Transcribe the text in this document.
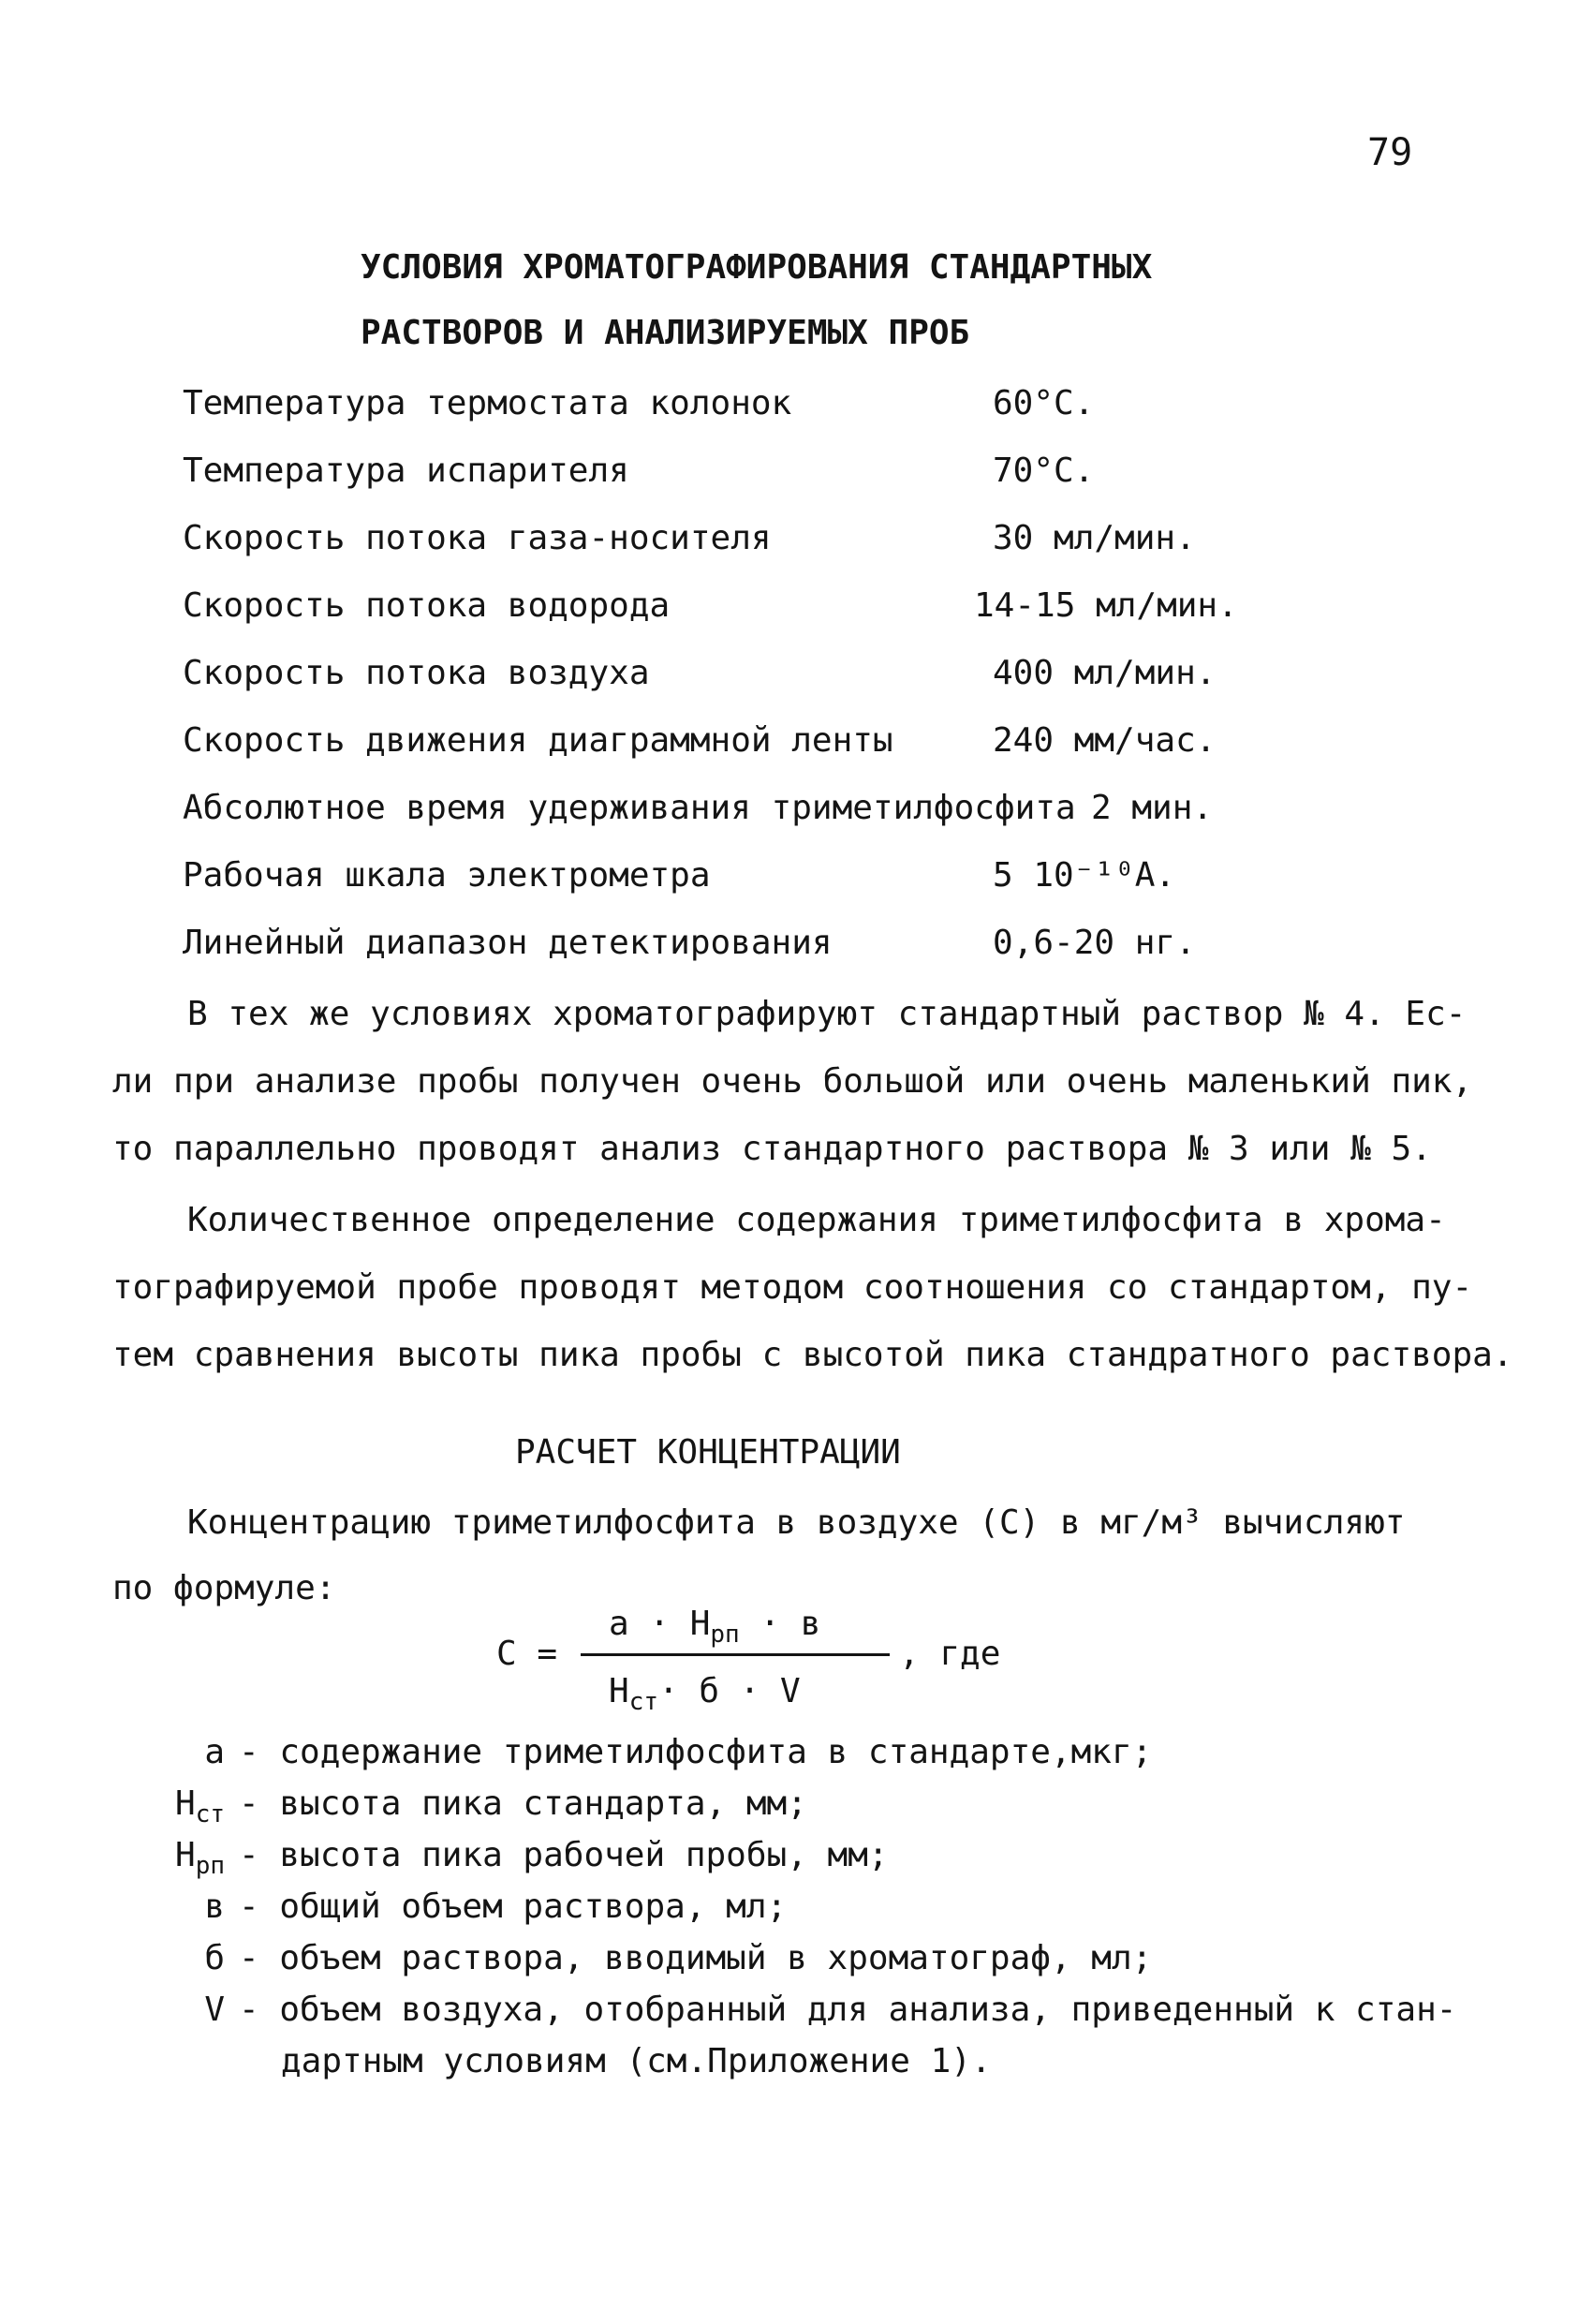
79
УСЛОВИЯ ХРОМАТОГРАФИРОВАНИЯ СТАНДАРТНЫХ
РАСТВОРОВ И АНАЛИЗИРУЕМЫХ ПРОБ
Температура термостата колонок	60°С.
Температура испарителя	70°С.
Скорость потока газа-носителя	30 мл/мин.
Скорость потока водорода	14-15 мл/мин.
Скорость потока воздуха	400 мл/мин.
Скорость движения диаграммной ленты	240 мм/час.
Абсолютное время удерживания триметилфосфита 2 мин.
Рабочая шкала электрометра	5 10⁻¹⁰А.
Линейный диапазон детектирования	0,6-20 нг.
В тех же условиях хроматографируют стандартный раствор № 4. Ес-
ли при анализе пробы получен очень большой или очень маленький пик,
то параллельно проводят анализ стандартного раствора № 3 или № 5.
Количественное определение содержания триметилфосфита в хрома-
тографируемой пробе проводят методом соотношения со стандартом, пу-
тем сравнения высоты пика пробы с высотой пика стандратного раствора.
РАСЧЕТ КОНЦЕНТРАЦИИ
Концентрацию триметилфосфита в воздухе (С) в мг/м³ вычисляют
по формуле:
С =
$а \cdot Н_{рп} \cdot в$
$Н_{ст}\cdot б \cdot V$
, где
а - содержание триметилфосфита в стандарте,мкг;
$Н_{ст}$ - высота пика стандарта, мм;
$Н_{рп}$ - высота пика рабочей пробы, мм;
в - общий объем раствора, мл;
б - объем раствора, вводимый в хроматограф, мл;
V - объем воздуха, отобранный для анализа, приведенный к стан-
дартным условиям (см.Приложение 1).
